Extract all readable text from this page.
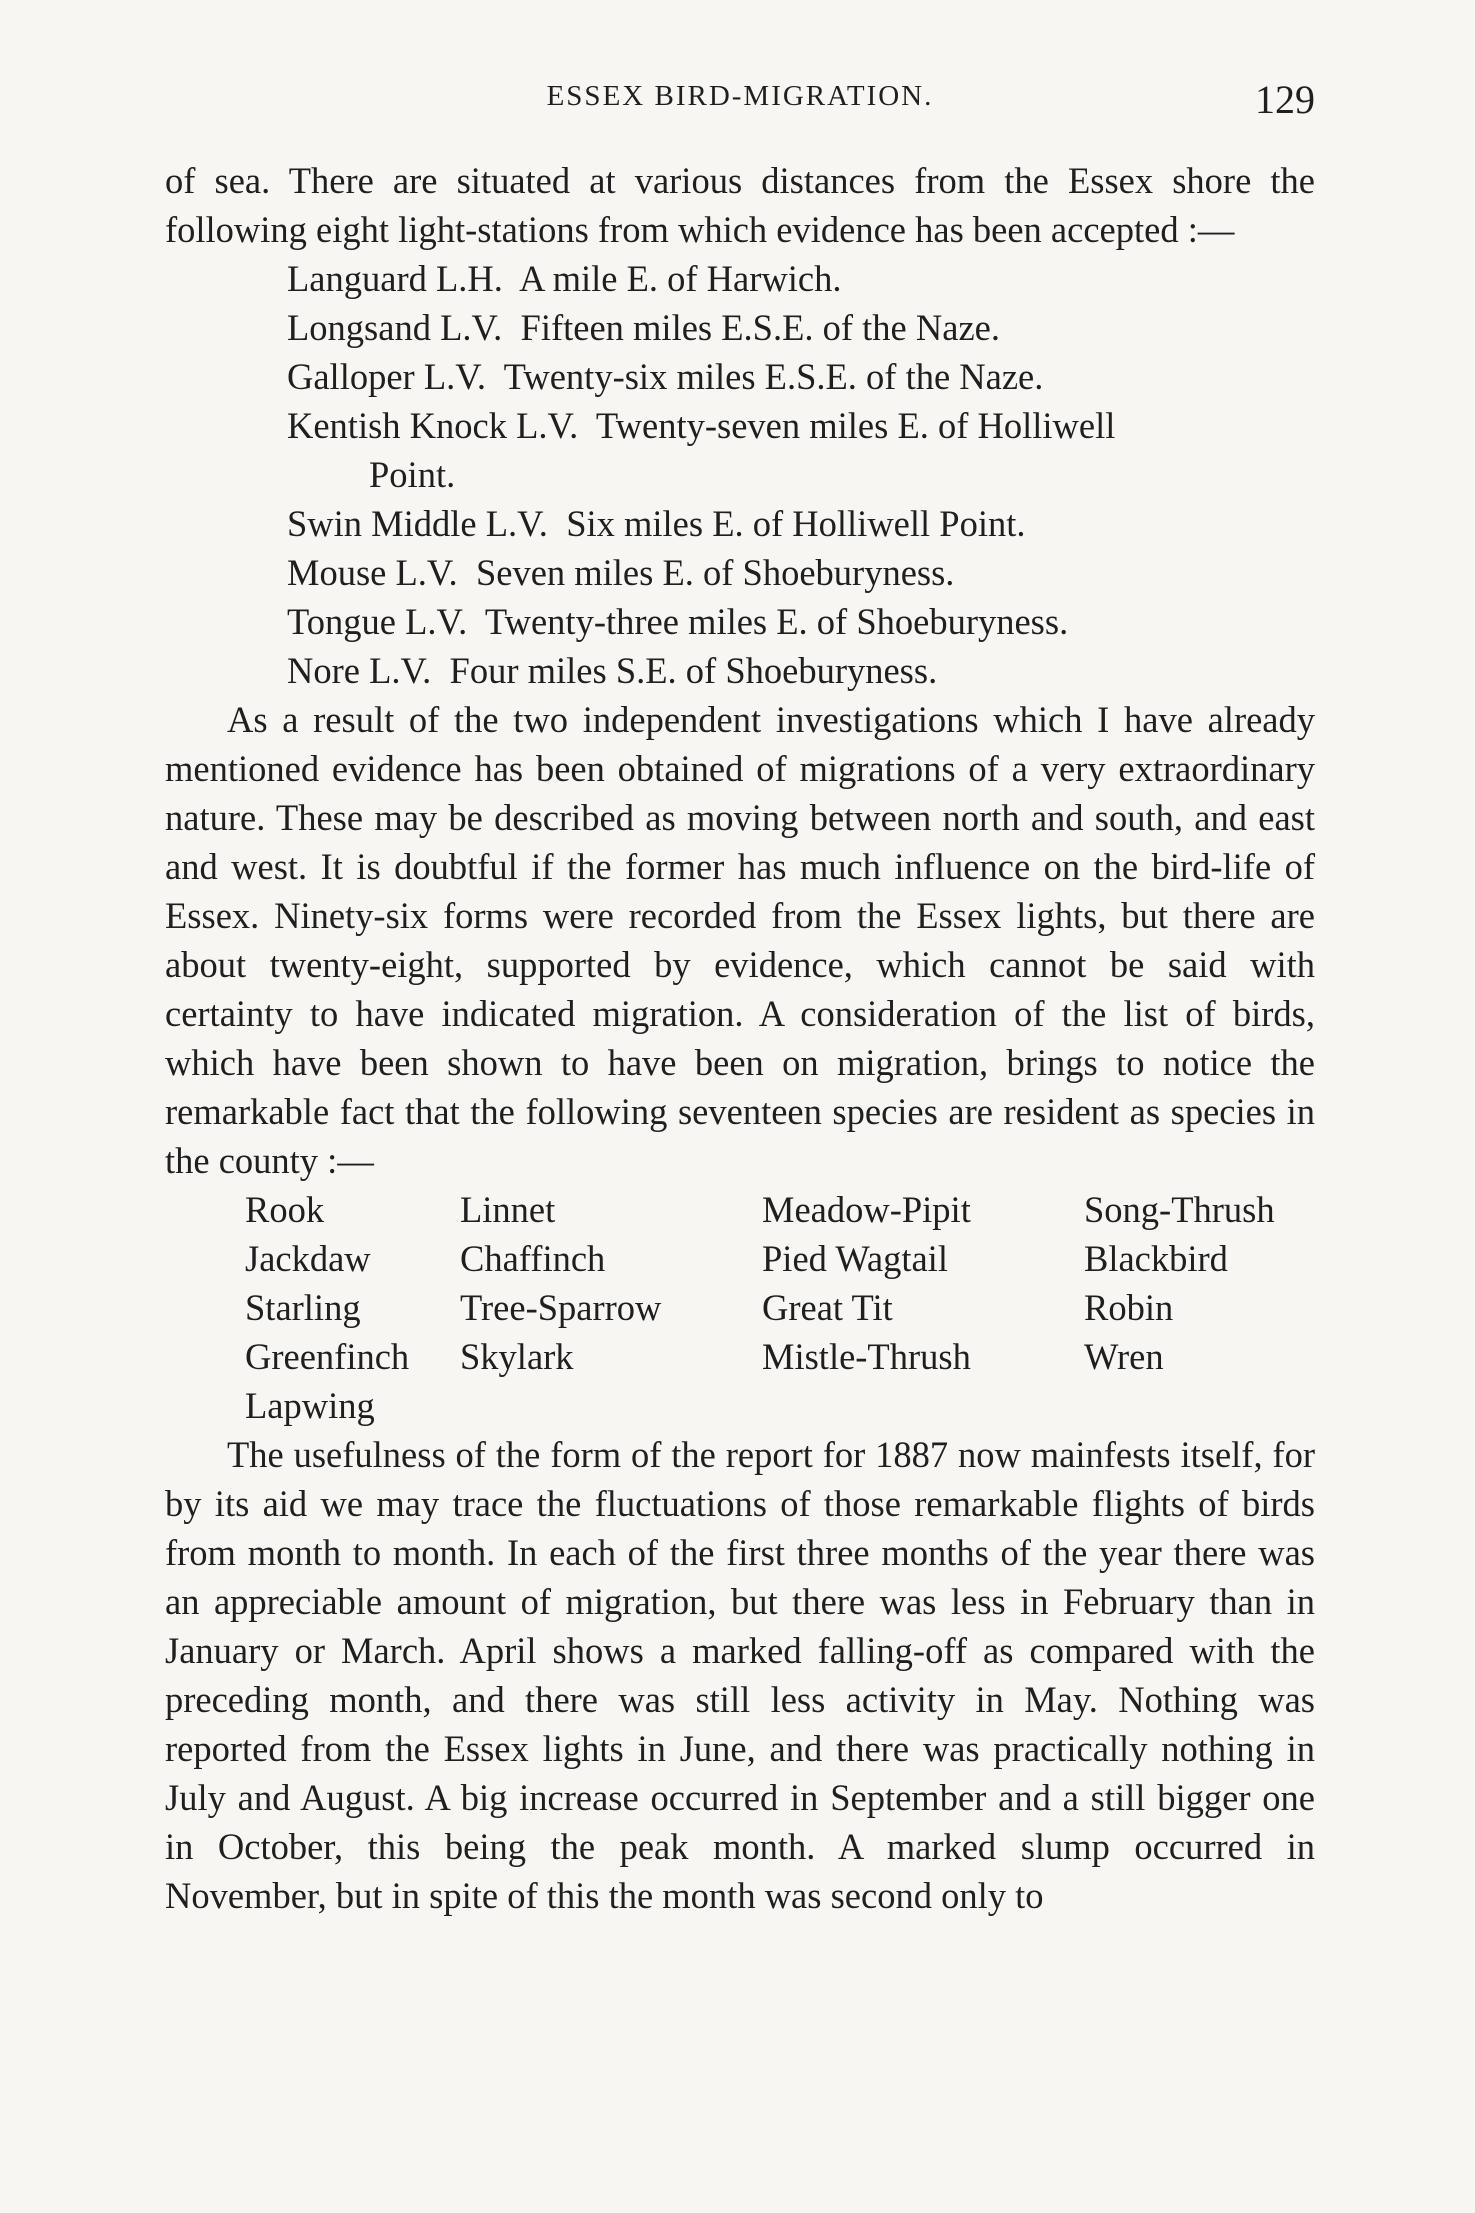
ESSEX BIRD-MIGRATION.	129

of sea. There are situated at various distances from the Essex shore the following eight light-stations from which evidence has been accepted :—

Languard L.H. A mile E. of Harwich.
Longsand L.V. Fifteen miles E.S.E. of the Naze.
Galloper L.V. Twenty-six miles E.S.E. of the Naze.
Kentish Knock L.V. Twenty-seven miles E. of Holliwell
Point.
Swin Middle L.V. Six miles E. of Holliwell Point.
Mouse L.V. Seven miles E. of Shoeburyness.
Tongue L.V. Twenty-three miles E. of Shoeburyness.
Nore L.V. Four miles S.E. of Shoeburyness.

As a result of the two independent investigations which I have already mentioned evidence has been obtained of migrations of a very extraordinary nature. These may be described as moving between north and south, and east and west. It is doubtful if the former has much influence on the bird-life of Essex. Ninety-six forms were recorded from the Essex lights, but there are about twenty-eight, supported by evidence, which cannot be said with certainty to have indicated migration. A consideration of the list of birds, which have been shown to have been on migration, brings to notice the remarkable fact that the following seventeen species are resident as species in the county :—

Rook	Linnet	Meadow-Pipit	Song-Thrush
Jackdaw	Chaffinch	Pied Wagtail	Blackbird
Starling	Tree-Sparrow	Great Tit	Robin
Greenfinch	Skylark	Mistle-Thrush	Wren
Lapwing

The usefulness of the form of the report for 1887 now mainfests itself, for by its aid we may trace the fluctuations of those remarkable flights of birds from month to month. In each of the first three months of the year there was an appreciable amount of migration, but there was less in February than in January or March. April shows a marked falling-off as compared with the preceding month, and there was still less activity in May. Nothing was reported from the Essex lights in June, and there was practically nothing in July and August. A big increase occurred in September and a still bigger one in October, this being the peak month. A marked slump occurred in November, but in spite of this the month was second only to
